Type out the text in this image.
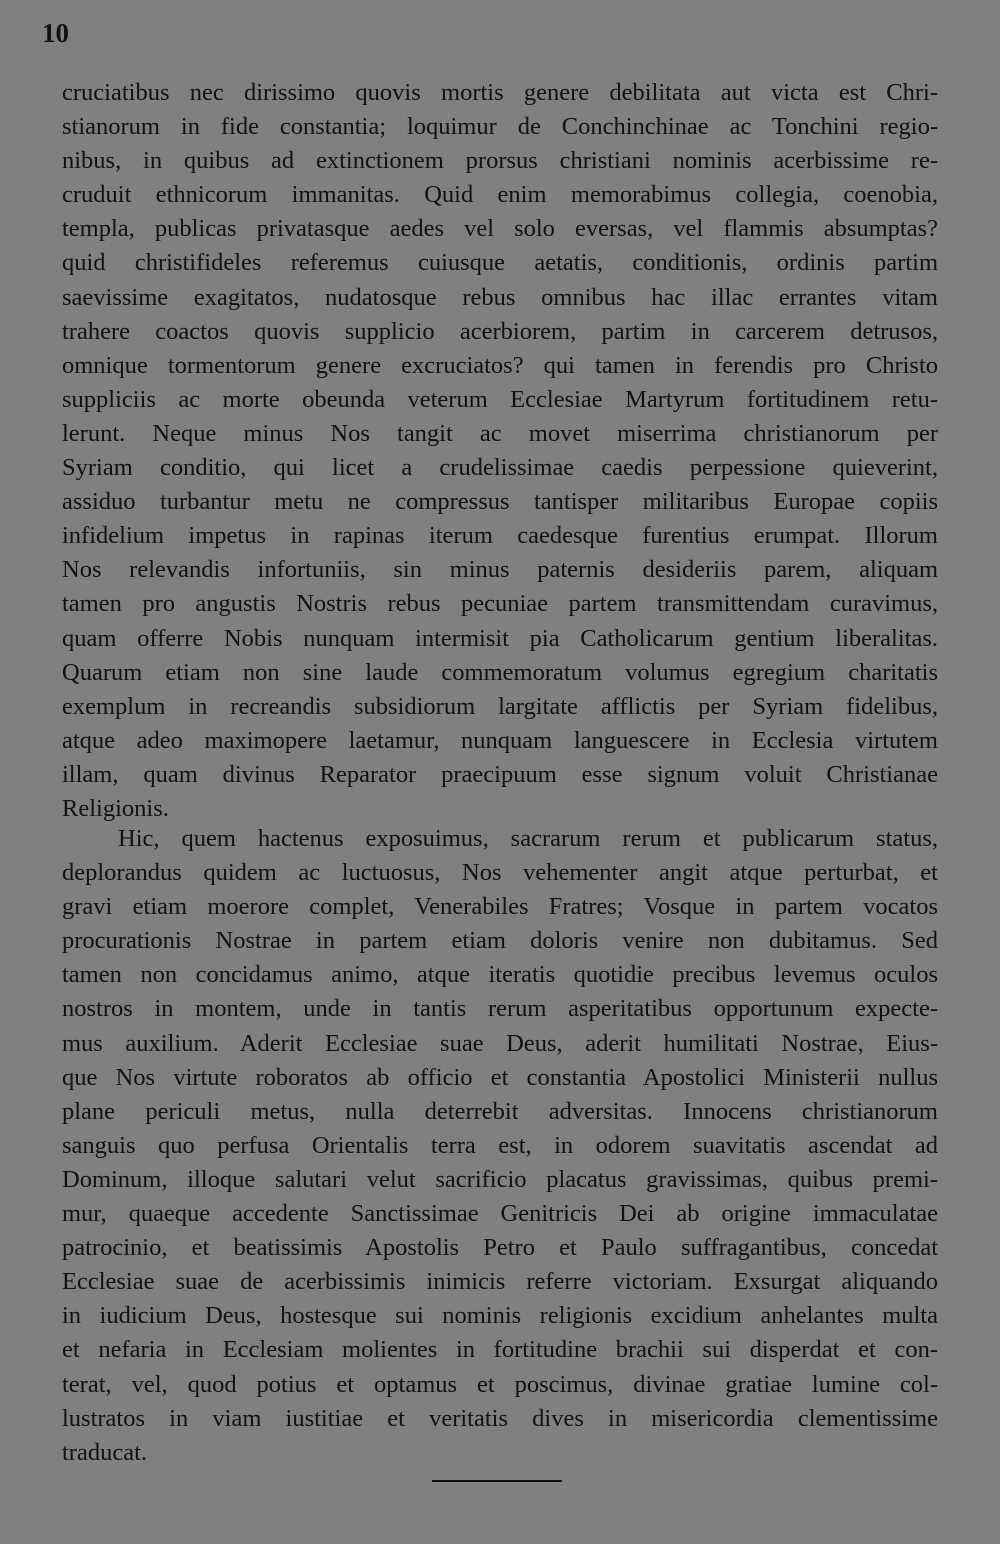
10
cruciatibus nec dirissimo quovis mortis genere debilitata aut victa est Chri-
stianorum in fide constantia; loquimur de Conchinchinae ac Tonchini regio-
nibus, in quibus ad extinctionem prorsus christiani nominis acerbissime re-
cruduit ethnicorum immanitas. Quid enim memorabimus collegia, coenobia,
templa, publicas privatasque aedes vel solo eversas, vel flammis absumptas?
quid christifideles referemus cuiusque aetatis, conditionis, ordinis partim
saevissime exagitatos, nudatosque rebus omnibus hac illac errantes vitam
trahere coactos quovis supplicio acerbiorem, partim in carcerem detrusos,
omnique tormentorum genere excruciatos? qui tamen in ferendis pro Christo
suppliciis ac morte obeunda veterum Ecclesiae Martyrum fortitudinem retu-
lerunt. Neque minus Nos tangit ac movet miserrima christianorum per
Syriam conditio, qui licet a crudelissimae caedis perpessione quieverint,
assiduo turbantur metu ne compressus tantisper militaribus Europae copiis
infidelium impetus in rapinas iterum caedesque furentius erumpat. Illorum
Nos relevandis infortuniis, sin minus paternis desideriis parem, aliquam
tamen pro angustis Nostris rebus pecuniae partem transmittendam curavimus,
quam offerre Nobis nunquam intermisit pia Catholicarum gentium liberalitas.
Quarum etiam non sine laude commemoratum volumus egregium charitatis
exemplum in recreandis subsidiorum largitate afflictis per Syriam fidelibus,
atque adeo maximopere laetamur, nunquam languescere in Ecclesia virtutem
illam, quam divinus Reparator praecipuum esse signum voluit Christianae
Religionis.
Hic, quem hactenus exposuimus, sacrarum rerum et publicarum status,
deplorandus quidem ac luctuosus, Nos vehementer angit atque perturbat, et
gravi etiam moerore complet, Venerabiles Fratres; Vosque in partem vocatos
procurationis Nostrae in partem etiam doloris venire non dubitamus. Sed
tamen non concidamus animo, atque iteratis quotidie precibus levemus oculos
nostros in montem, unde in tantis rerum asperitatibus opportunum expecte-
mus auxilium. Aderit Ecclesiae suae Deus, aderit humilitati Nostrae, Eius-
que Nos virtute roboratos ab officio et constantia Apostolici Ministerii nullus
plane periculi metus, nulla deterrebit adversitas. Innocens christianorum
sanguis quo perfusa Orientalis terra est, in odorem suavitatis ascendat ad
Dominum, illoque salutari velut sacrificio placatus gravissimas, quibus premi-
mur, quaeque accedente Sanctissimae Genitricis Dei ab origine immaculatae
patrocinio, et beatissimis Apostolis Petro et Paulo suffragantibus, concedat
Ecclesiae suae de acerbissimis inimicis referre victoriam. Exsurgat aliquando
in iudicium Deus, hostesque sui nominis religionis excidium anhelantes multa
et nefaria in Ecclesiam molientes in fortitudine brachii sui disperdat et con-
terat, vel, quod potius et optamus et poscimus, divinae gratiae lumine col-
lustratos in viam iustitiae et veritatis dives in misericordia clementissime
traducat.
